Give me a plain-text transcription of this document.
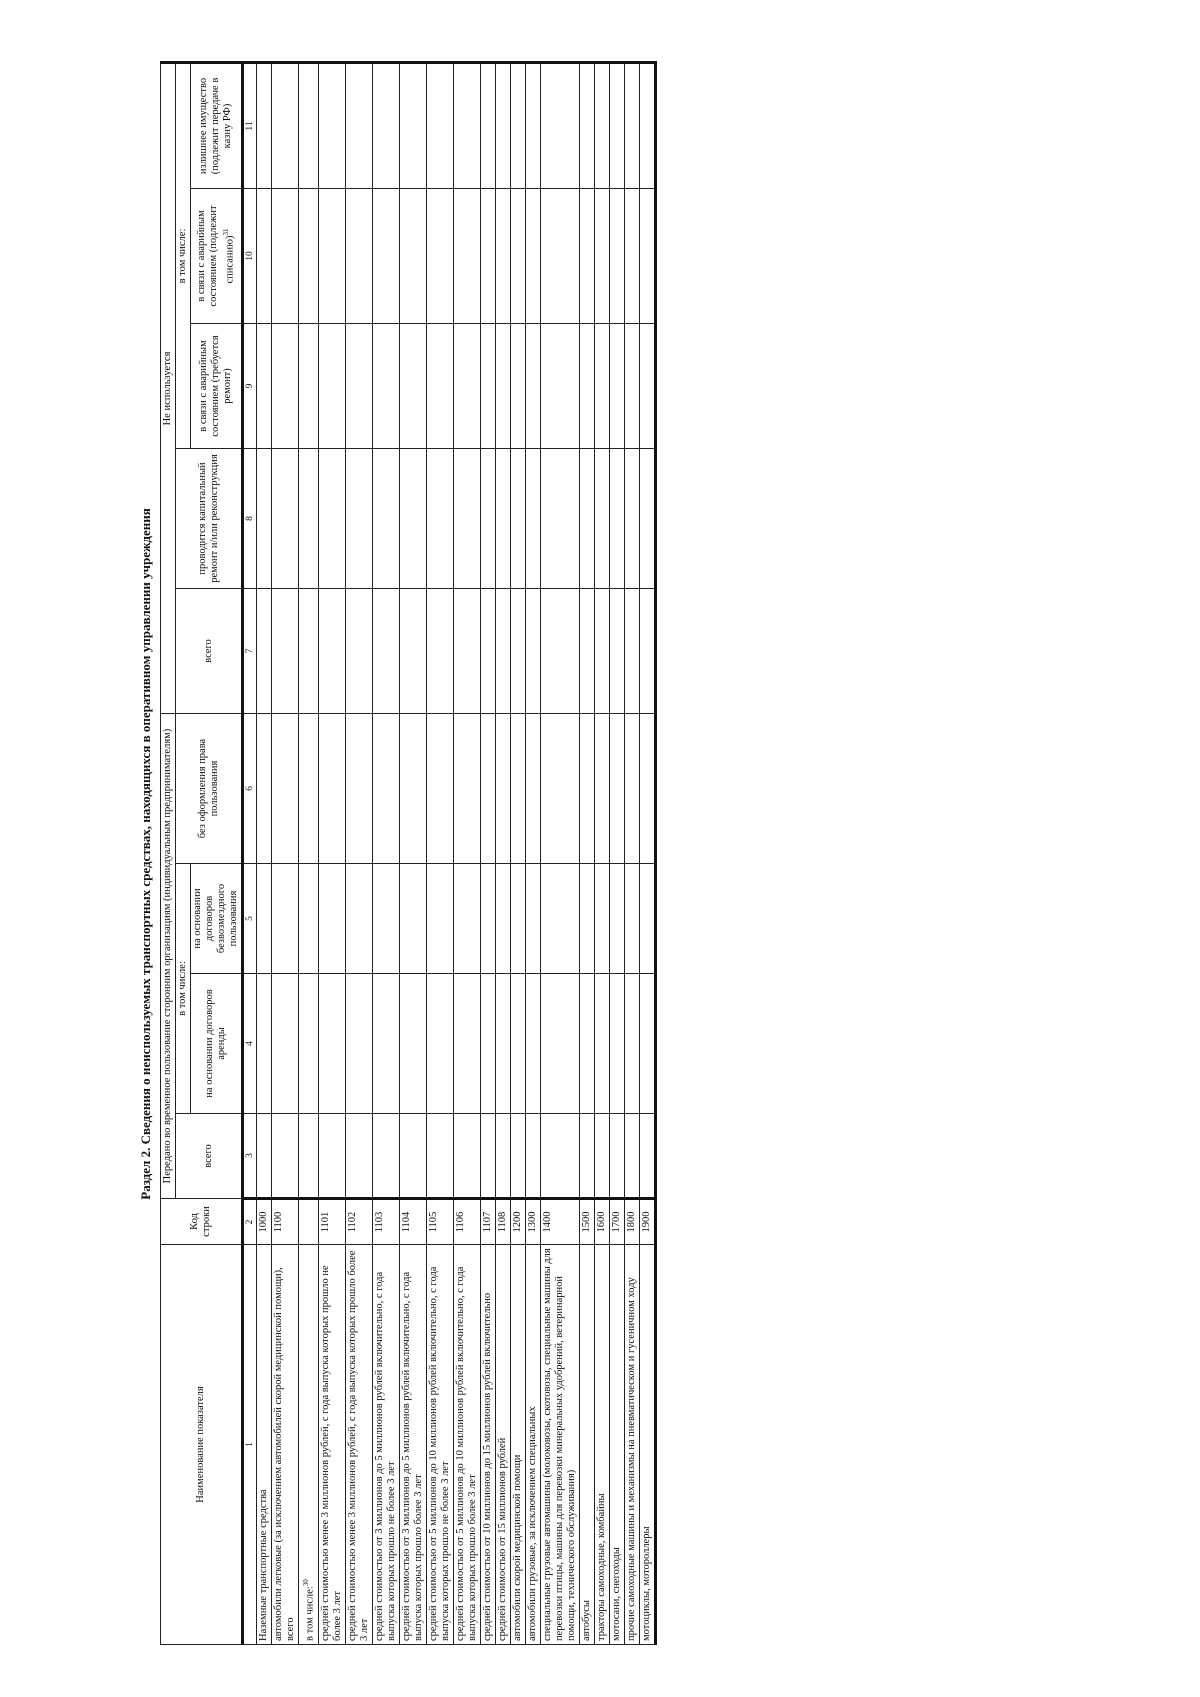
Раздел 2. Сведения о неиспользуемых транспортных средствах, находящихся в оперативном управлении учреждения
Наименование показателя	Код строки	Передано во временное пользование сторонним организациям (индивидуальным предпринимателям)				Не используется				
		всего	в том числе:		без оформления права пользования	всего	проводится капитальный ремонт и/или реконструкция	в том числе:		
			на основании договоров аренды	на основании договоров безвозмездного пользования				в связи с аварийным состоянием (требуется ремонт)	в связи с аварийным состоянием (подлежит списанию)$^{31}$	излишнее имущество (подлежит передаче в казну РФ)
1	2	3	4	5	6	7	8	9	10	11
Наземные транспортные средства	1000									
автомобили легковые (за исключением автомобилей скорой медицинской помощи), всего	1100									
в том числе:$^{30}$										
средней стоимостью менее 3 миллионов рублей, с года выпуска которых прошло не более 3 лет	1101									
средней стоимостью менее 3 миллионов рублей, с года выпуска которых прошло более 3 лет	1102									
средней стоимостью от 3 миллионов до 5 миллионов рублей включительно, с года выпуска которых прошло не более 3 лет	1103									
средней стоимостью от 3 миллионов до 5 миллионов рублей включительно, с года выпуска которых прошло более 3 лет	1104									
средней стоимостью от 5 миллионов до 10 миллионов рублей включительно, с года выпуска которых прошло не более 3 лет	1105									
средней стоимостью от 5 миллионов до 10 миллионов рублей включительно, с года выпуска которых прошло более 3 лет	1106									
средней стоимостью от 10 миллионов до 15 миллионов рублей включительно	1107									
средней стоимостью от 15 миллионов рублей	1108									
автомобили скорой медицинской помощи	1200									
автомобили грузовые, за исключением специальных	1300									
специальные грузовые автомашины (молоковозы, скотовозы, специальные машины для перевозки птицы, машины для перевозки минеральных удобрений, ветеринарной помощи, технического обслуживания)	1400									
автобусы	1500									
тракторы самоходные, комбайны	1600									
мотосани, снегоходы	1700									
прочие самоходные машины и механизмы на пневматическом и гусеничном ходу	1800									
мотоциклы, мотороллеры	1900									
